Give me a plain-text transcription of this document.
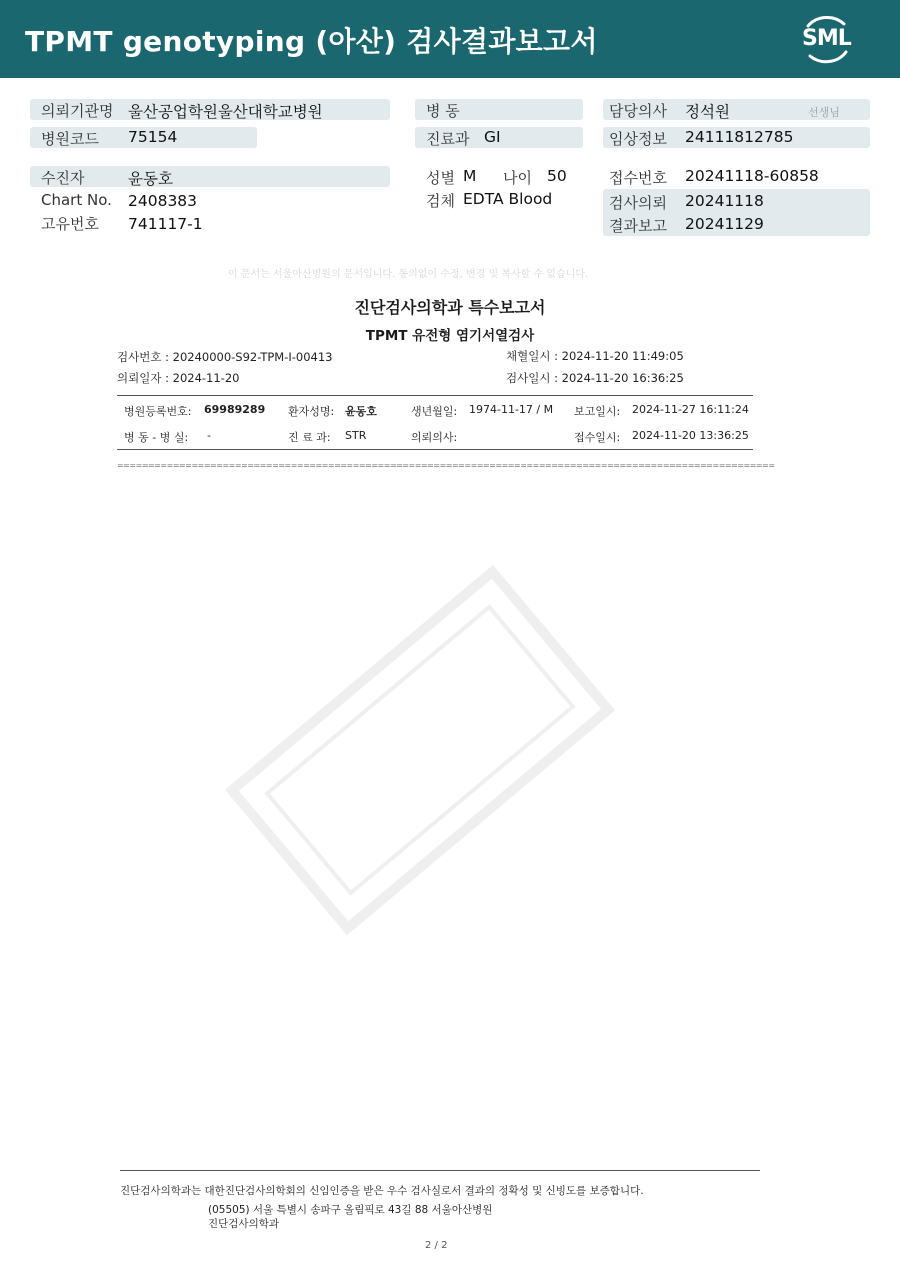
TPMT genotyping (아산) 검사결과보고서	SML
의뢰기관명 울산공업학원울산대학교병원
병원코드 75154
수진자	윤동호
Chart No. 2408383
고유번호 741117-1
병 동
진료과 GI
성별 M 나이 50
검체 EDTA Blood
담당의사 정석원	선생님
임상정보 24111812785
접수번호 20241118-60858
검사의뢰 20241118
결과보고 20241129
이 문서는 서울아산병원의 문서입니다. 동의없이 수정, 변경 및 복사할 수 없습니다.
진단검사의학과 특수보고서
TPMT 유전형 염기서열검사
검사번호 : 20240000-S92-TPM-I-00413
의뢰일자 : 2024-11-20
채혈일시 : 2024-11-20 11:49:05
검사일시 : 2024-11-20 16:36:25
병원등록번호: 69989289 환자성명: 윤동호	생년월일: 1974-11-17 / M 보고일시: 2024-11-27 16:11:24
병 동 - 병 실: -	진 료 과: STR	의뢰의사:	접수일시: 2024-11-20 13:36:25
==========================================================================================================
진단검사의학과는 대한진단검사의학회의 신임인증을 받은 우수 검사실로서 결과의 정확성 및 신빙도를 보증합니다.
(05505) 서울 특별시 송파구 올림픽로 43길 88 서울아산병원
진단검사의학과
2 / 2
